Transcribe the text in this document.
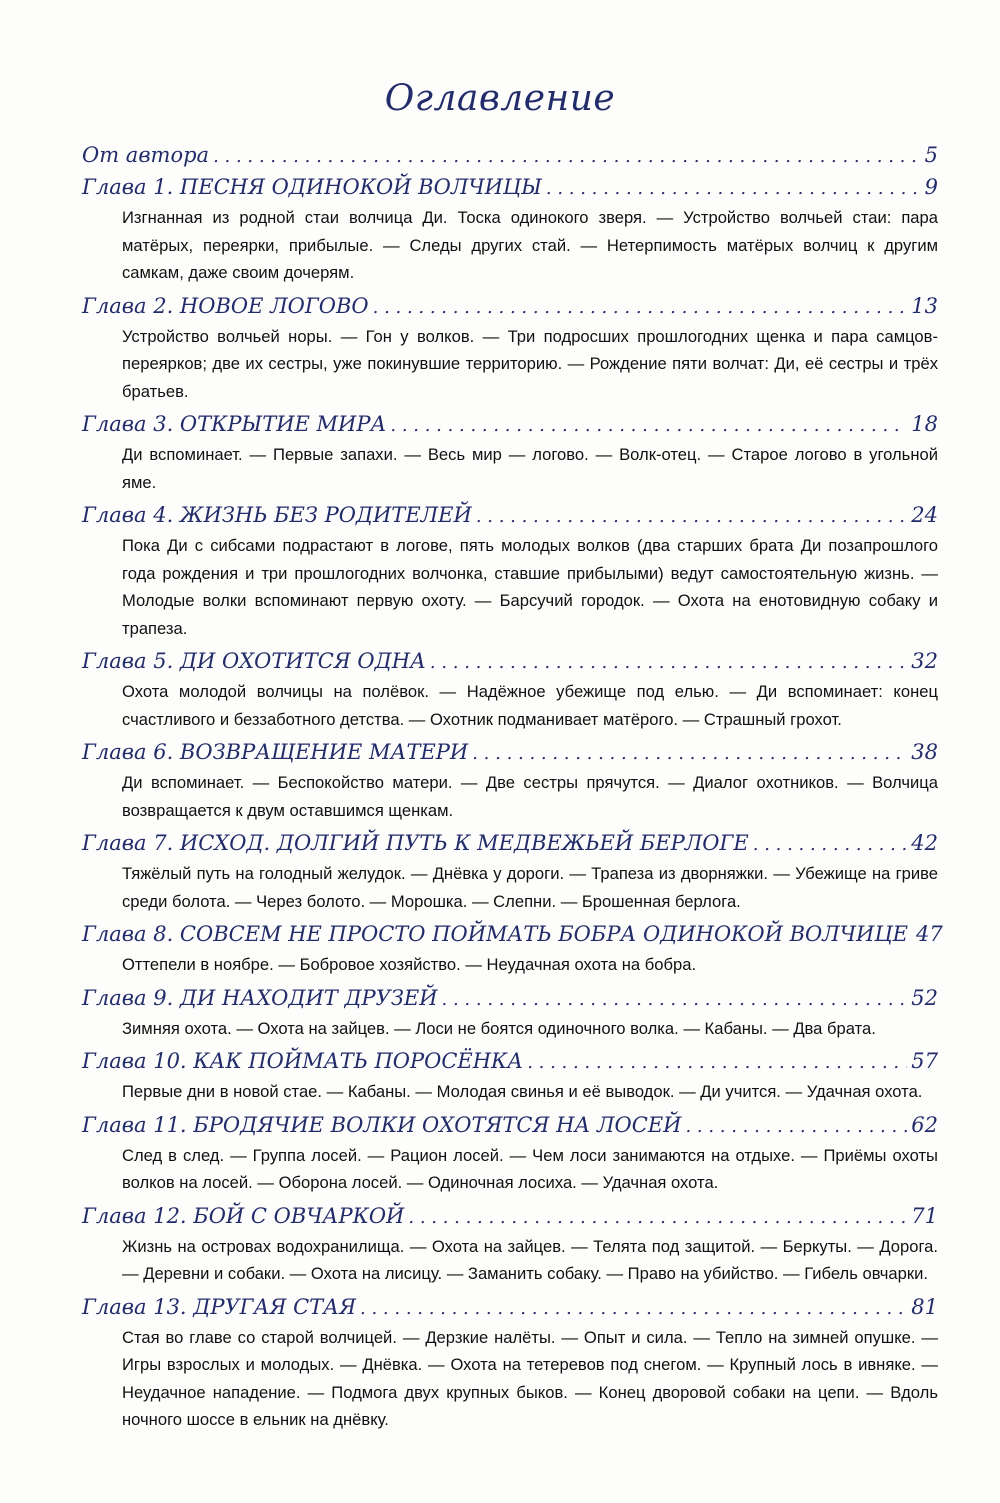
Оглавление
От автора . . .	5
Глава 1. ПЕСНЯ ОДИНОКОЙ ВОЛЧИЦЫ . . .	9
Изгнанная из родной стаи волчица Ди. Тоска одинокого зверя. — Устройство волчьей стаи: пара матёрых, переярки, прибылые. — Следы других стай. — Нетерпимость матёрых волчиц к другим самкам, даже своим дочерям.
Глава 2. НОВОЕ ЛОГОВО . . .	13
Устройство волчьей норы. — Гон у волков. — Три подросших прошлогодних щенка и пара самцов-переярков; две их сестры, уже покинувшие территорию. — Рождение пяти волчат: Ди, её сестры и трёх братьев.
Глава 3. ОТКРЫТИЕ МИРА . . .	18
Ди вспоминает. — Первые запахи. — Весь мир — логово. — Волк-отец. — Старое логово в угольной яме.
Глава 4. ЖИЗНЬ БЕЗ РОДИТЕЛЕЙ . . .	24
Пока Ди с сибсами подрастают в логове, пять молодых волков (два старших брата Ди позапрошлого года рождения и три прошлогодних волчонка, ставшие прибылыми) ведут самостоятельную жизнь. — Молодые волки вспоминают первую охоту. — Барсучий городок. — Охота на енотовидную собаку и трапеза.
Глава 5. ДИ ОХОТИТСЯ ОДНА . . .	32
Охота молодой волчицы на полёвок. — Надёжное убежище под елью. — Ди вспоминает: конец счастливого и беззаботного детства. — Охотник подманивает матёрого. — Страшный грохот.
Глава 6. ВОЗВРАЩЕНИЕ МАТЕРИ . . .	38
Ди вспоминает. — Беспокойство матери. — Две сестры прячутся. — Диалог охотников. — Волчица возвращается к двум оставшимся щенкам.
Глава 7. ИСХОД. ДОЛГИЙ ПУТЬ К МЕДВЕЖЬЕЙ БЕРЛОГЕ . . .	42
Тяжёлый путь на голодный желудок. — Днёвка у дороги. — Трапеза из дворняжки. — Убежище на гриве среди болота. — Через болото. — Морошка. — Слепни. — Брошенная берлога.
Глава 8. СОВСЕМ НЕ ПРОСТО ПОЙМАТЬ БОБРА ОДИНОКОЙ ВОЛЧИЦЕ 47
Оттепели в ноябре. — Бобровое хозяйство. — Неудачная охота на бобра.
Глава 9. ДИ НАХОДИТ ДРУЗЕЙ . . .	52
Зимняя охота. — Охота на зайцев. — Лоси не боятся одиночного волка. — Кабаны. — Два брата.
Глава 10. КАК ПОЙМАТЬ ПОРОСЁНКА . . .	57
Первые дни в новой стае. — Кабаны. — Молодая свинья и её выводок. — Ди учится. — Удачная охота.
Глава 11. БРОДЯЧИЕ ВОЛКИ ОХОТЯТСЯ НА ЛОСЕЙ . . .	62
След в след. — Группа лосей. — Рацион лосей. — Чем лоси занимаются на отдыхе. — Приёмы охоты волков на лосей. — Оборона лосей. — Одиночная лосиха. — Удачная охота.
Глава 12. БОЙ С ОВЧАРКОЙ . . .	71
Жизнь на островах водохранилища. — Охота на зайцев. — Телята под защитой. — Беркуты. — Дорога. — Деревни и собаки. — Охота на лисицу. — Заманить собаку. — Право на убийство. — Гибель овчарки.
Глава 13. ДРУГАЯ СТАЯ . . .	81
Стая во главе со старой волчицей. — Дерзкие налёты. — Опыт и сила. — Тепло на зимней опушке. — Игры взрослых и молодых. — Днёвка. — Охота на тетеревов под снегом. — Крупный лось в ивняке. — Неудачное нападение. — Подмога двух крупных быков. — Конец дворовой собаки на цепи. — Вдоль ночного шоссе в ельник на днёвку.
